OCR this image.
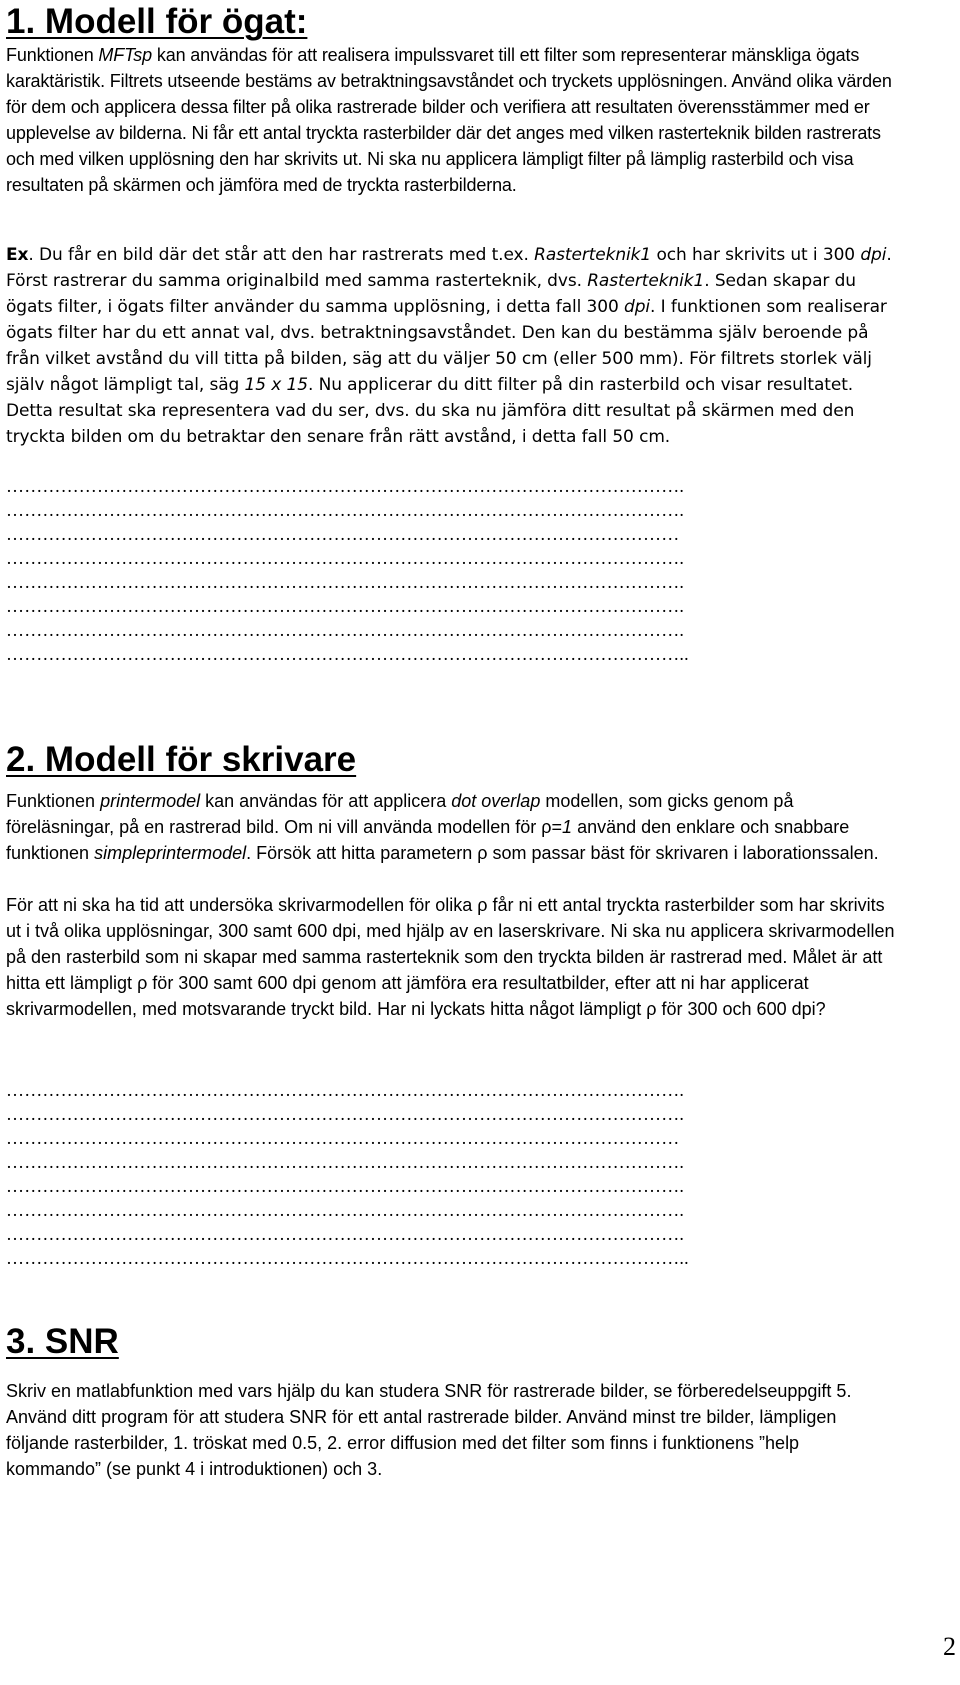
1. Modell för ögat:

Funktionen MFTsp kan användas för att realisera impulssvaret till ett filter som representerar mänskliga ögats karaktäristik. Filtrets utseende bestäms av betraktningsavståndet och tryckets upplösningen. Använd olika värden för dem och applicera dessa filter på olika rastrerade bilder och verifiera att resultaten överensstämmer med er upplevelse av bilderna. Ni får ett antal tryckta rasterbilder där det anges med vilken rasterteknik bilden rastrerats och med vilken upplösning den har skrivits ut. Ni ska nu applicera lämpligt filter på lämplig rasterbild och visa resultaten på skärmen och jämföra med de tryckta rasterbilderna.

Ex. Du får en bild där det står att den har rastrerats med t.ex. Rasterteknik1 och har skrivits ut i 300 dpi. Först rastrerar du samma originalbild med samma rasterteknik, dvs. Rasterteknik1. Sedan skapar du ögats filter, i ögats filter använder du samma upplösning, i detta fall 300 dpi. I funktionen som realiserar ögats filter har du ett annat val, dvs. betraktningsavståndet. Den kan du bestämma själv beroende på från vilket avstånd du vill titta på bilden, säg att du väljer 50 cm (eller 500 mm). För filtrets storlek välj själv något lämpligt tal, säg 15 x 15. Nu applicerar du ditt filter på din rasterbild och visar resultatet. Detta resultat ska representera vad du ser, dvs. du ska nu jämföra ditt resultat på skärmen med den tryckta bilden om du betraktar den senare från rätt avstånd, i detta fall 50 cm.

………………………………………………………………………………………………….
………………………………………………………………………………………………….
…………………………………………………………………………………………………
………………………………………………………………………………………………….
………………………………………………………………………………………………….
………………………………………………………………………………………………….
………………………………………………………………………………………………….
…………………………………………………………………………………………………..
2. Modell för skrivare

Funktionen printermodel kan användas för att applicera dot overlap modellen, som gicks genom på föreläsningar, på en rastrerad bild. Om ni vill använda modellen för ρ=1 använd den enklare och snabbare funktionen simpleprintermodel. Försök att hitta parametern ρ som passar bäst för skrivaren i laborationssalen.

För att ni ska ha tid att undersöka skrivarmodellen för olika ρ får ni ett antal tryckta rasterbilder som har skrivits ut i två olika upplösningar, 300 samt 600 dpi, med hjälp av en laserskrivare. Ni ska nu applicera skrivarmodellen på den rasterbild som ni skapar med samma rasterteknik som den tryckta bilden är rastrerad med. Målet är att hitta ett lämpligt ρ för 300 samt 600 dpi genom att jämföra era resultatbilder, efter att ni har applicerat skrivarmodellen, med motsvarande tryckt bild. Har ni lyckats hitta något lämpligt ρ för 300 och 600 dpi?

………………………………………………………………………………………………….
………………………………………………………………………………………………….
…………………………………………………………………………………………………
………………………………………………………………………………………………….
………………………………………………………………………………………………….
………………………………………………………………………………………………….
………………………………………………………………………………………………….
…………………………………………………………………………………………………..
3. SNR

Skriv en matlabfunktion med vars hjälp du kan studera SNR för rastrerade bilder, se förberedelseuppgift 5. Använd ditt program för att studera SNR för ett antal rastrerade bilder. Använd minst tre bilder, lämpligen följande rasterbilder, 1. tröskat med 0.5, 2. error diffusion med det filter som finns i funktionens ”help kommando” (se punkt 4 i introduktionen) och 3.

2
